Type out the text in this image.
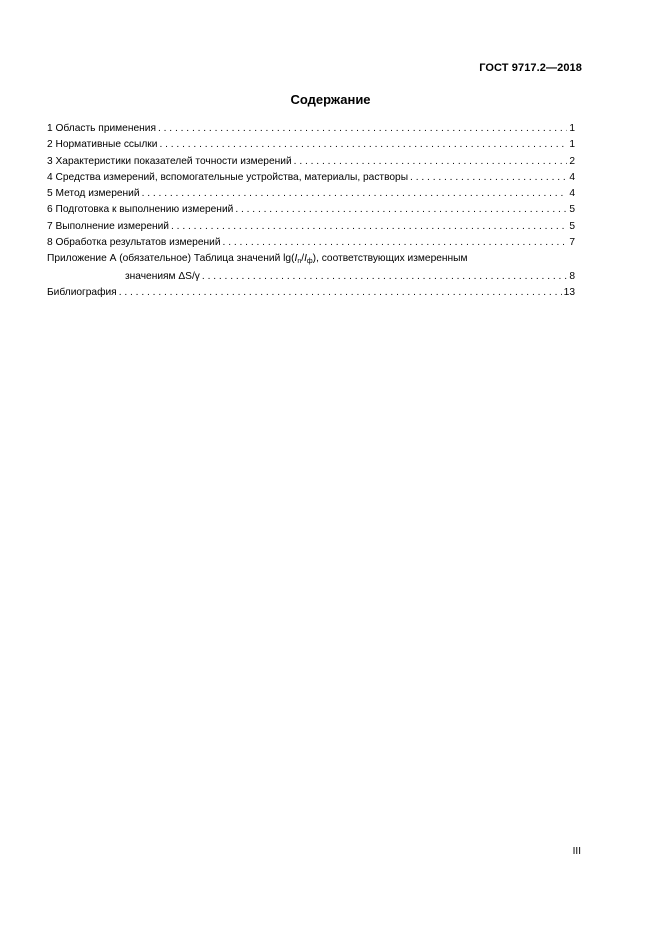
ГОСТ 9717.2—2018
Содержание
1 Область применения . . .	1
2 Нормативные ссылки . . .	1
3 Характеристики показателей точности измерений . . .	2
4 Средства измерений, вспомогательные устройства, материалы, растворы . . .	4
5 Метод измерений . . .	4
6 Подготовка к выполнению измерений . . .	5
7 Выполнение измерений . . .	5
8 Обработка результатов измерений . . .	7
Приложение А (обязательное) Таблица значений $\lg(I_n/I_ф)$, соответствующих измеренным
значениям ΔS/γ . . .	8
Библиография . . .	13
III
